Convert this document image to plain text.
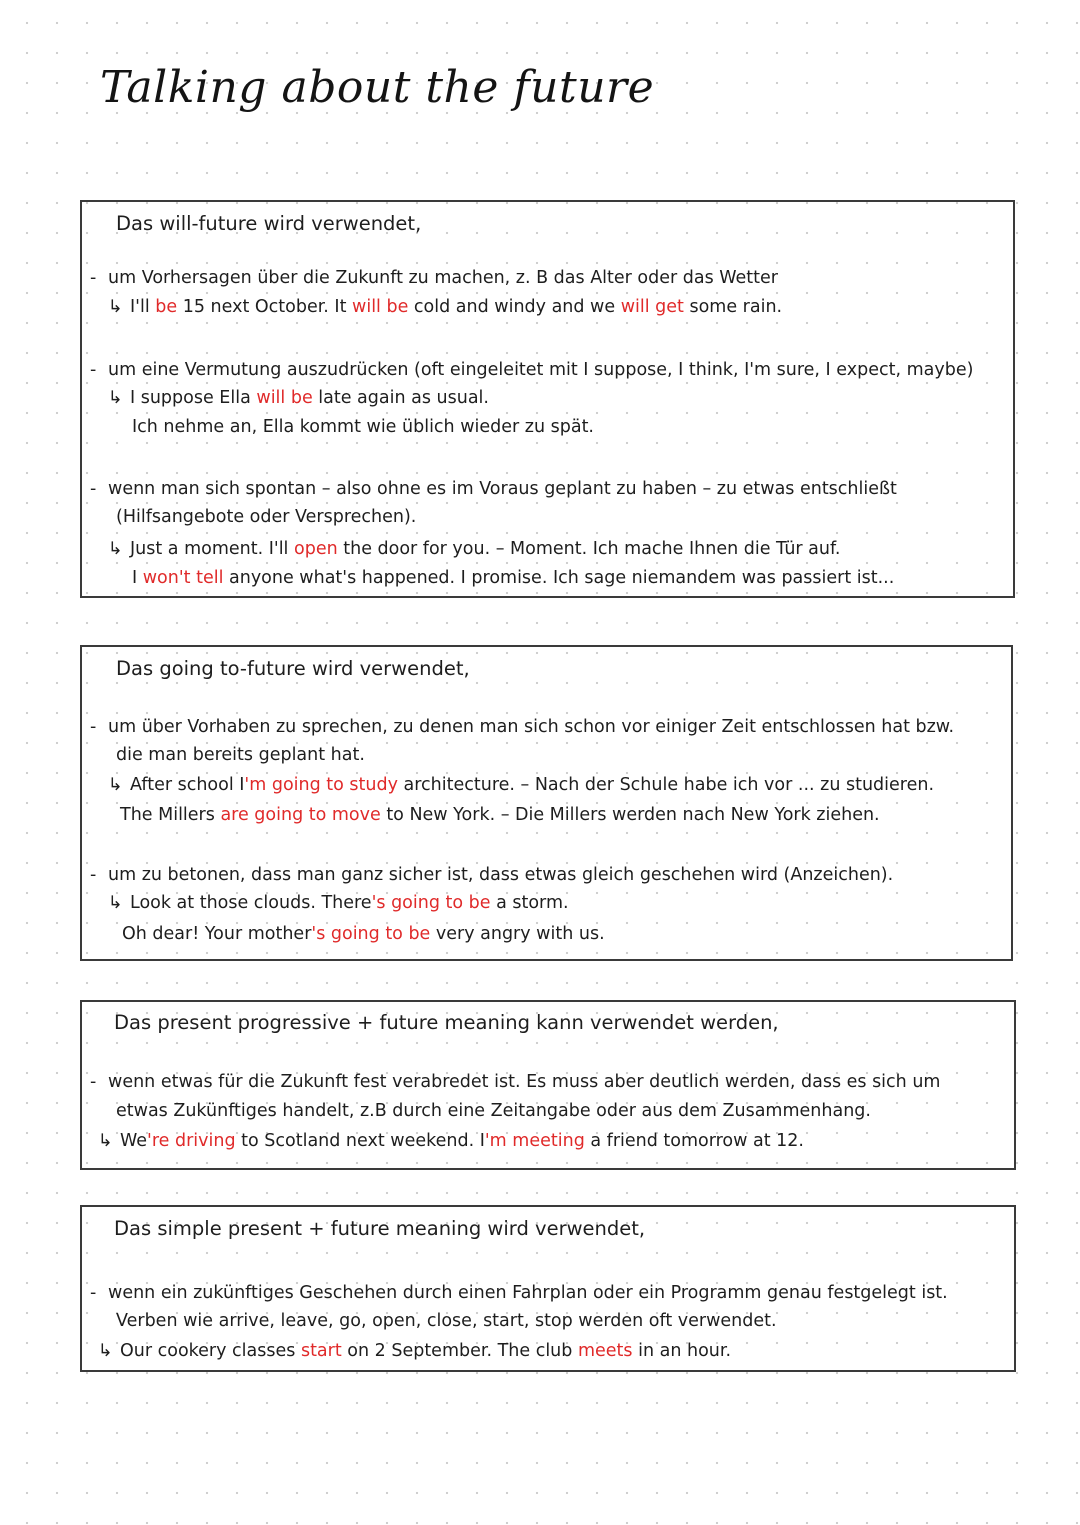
Talking about the future
Das will-future wird verwendet,
- um Vorhersagen über die Zukunft zu machen, z. B das Alter oder das Wetter
↳ I'll be 15 next October. It will be cold and windy and we will get some rain.
- um eine Vermutung auszudrücken (oft eingeleitet mit I suppose, I think, I'm sure, I expect, maybe)
↳ I suppose Ella will be late again as usual.
Ich nehme an, Ella kommt wie üblich wieder zu spät.
- wenn man sich spontan – also ohne es im Voraus geplant zu haben – zu etwas entschließt
(Hilfsangebote oder Versprechen).
↳ Just a moment. I'll open the door for you. – Moment. Ich mache Ihnen die Tür auf.
I won't tell anyone what's happened. I promise. Ich sage niemandem was passiert ist...
Das going to-future wird verwendet,
- um über Vorhaben zu sprechen, zu denen man sich schon vor einiger Zeit entschlossen hat bzw.
die man bereits geplant hat.
↳ After school I'm going to study architecture. – Nach der Schule habe ich vor ... zu studieren.
The Millers are going to move to New York. – Die Millers werden nach New York ziehen.
- um zu betonen, dass man ganz sicher ist, dass etwas gleich geschehen wird (Anzeichen).
↳ Look at those clouds. There's going to be a storm.
Oh dear! Your mother's going to be very angry with us.
Das present progressive + future meaning kann verwendet werden,
- wenn etwas für die Zukunft fest verabredet ist. Es muss aber deutlich werden, dass es sich um
etwas Zukünftiges handelt, z.B durch eine Zeitangabe oder aus dem Zusammenhang.
↳ We're driving to Scotland next weekend. I'm meeting a friend tomorrow at 12.
Das simple present + future meaning wird verwendet,
- wenn ein zukünftiges Geschehen durch einen Fahrplan oder ein Programm genau festgelegt ist.
Verben wie arrive, leave, go, open, close, start, stop werden oft verwendet.
↳ Our cookery classes start on 2 September. The club meets in an hour.
